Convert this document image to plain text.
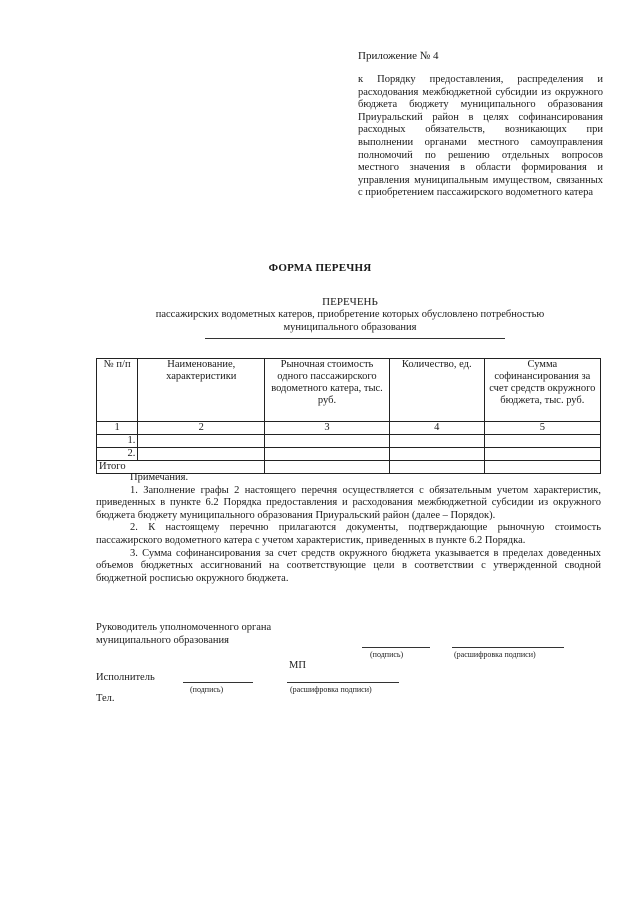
Приложение № 4
к Порядку предоставления, распределения и расходования межбюджетной субсидии из окружного бюджета бюджету муниципального образования Приуральский район в целях софинансирования расходных обязательств, возникающих при выполнении органами местного самоуправления полномочий по решению отдельных вопросов местного значения в области формирования и управления муниципальным имуществом, связанных с приобретением пассажирского водометного катера
ФОРМА ПЕРЕЧНЯ
ПЕРЕЧЕНЬ
пассажирских водометных катеров, приобретение которых обусловлено потребностью муниципального образования
№ п/п	Наименование, характеристики	Рыночная стоимость одного пассажирского водометного катера, тыс. руб.	Количество, ед.	Сумма софинансирования за счет средств окружного бюджета, тыс. руб.
1	2	3	4	5
1.				
2.				
Итого				

Примечания.

1. Заполнение графы 2 настоящего перечня осуществляется с обязательным учетом характеристик, приведенных в пункте 6.2 Порядка предоставления и расходования межбюджетной субсидии из окружного бюджета бюджету муниципального образования Приуральский район (далее – Порядок).

2. К настоящему перечню прилагаются документы, подтверждающие рыночную стоимость пассажирского водометного катера с учетом характеристик, приведенных в пункте 6.2 Порядка.

3. Сумма софинансирования за счет средств окружного бюджета указывается в пределах доведенных объемов бюджетных ассигнований на соответствующие цели в соответствии с утвержденной сводной бюджетной росписью окружного бюджета.

Руководитель уполномоченного органа
муниципального образования
(подпись)	(расшифровка подписи)
МП
Исполнитель
(подпись)	(расшифровка подписи)
Тел.
